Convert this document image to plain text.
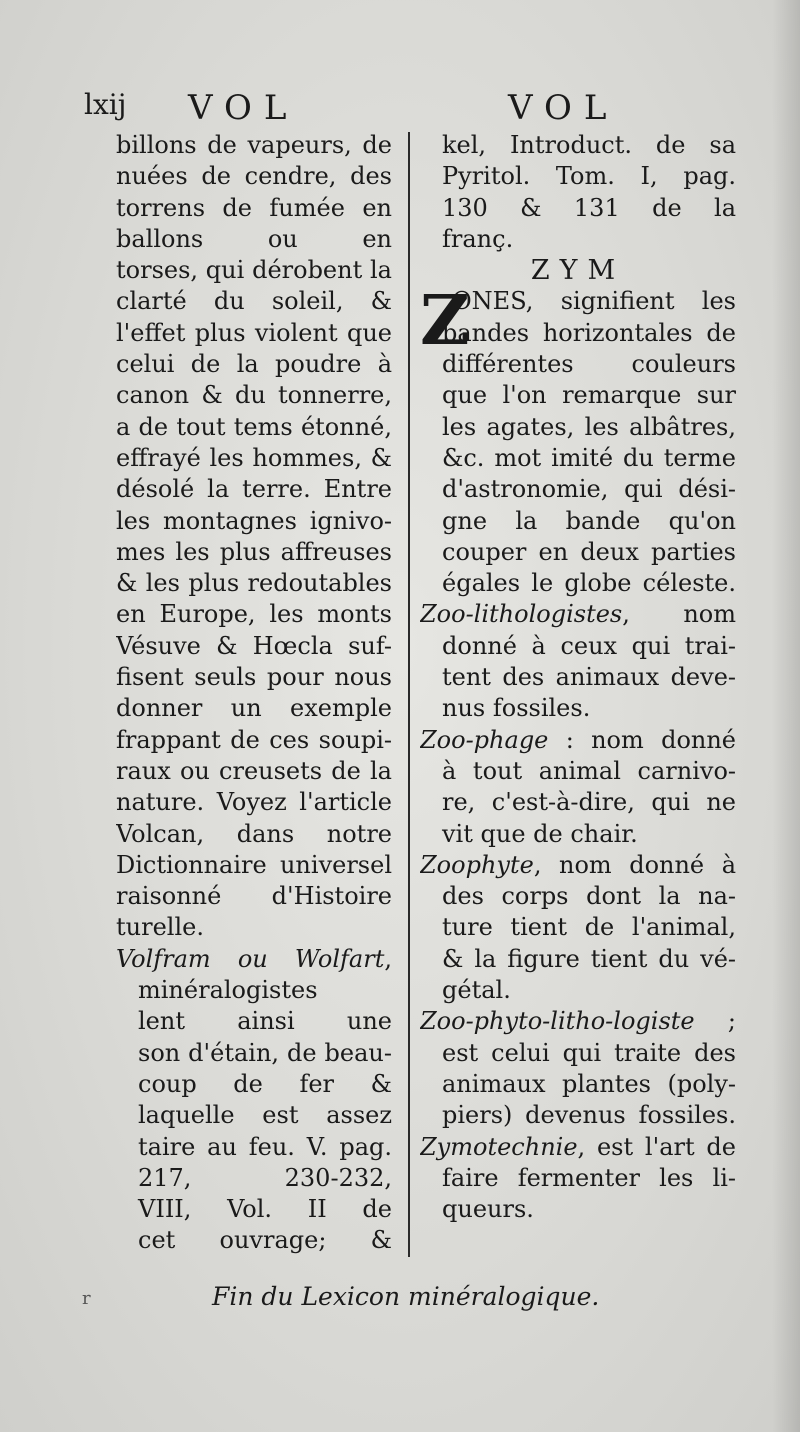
lxij VOL	VOL
billons de vapeurs, de
nuées de cendre, des
torrens de fumée en
ballons ou en
torses, qui dérobent la
clarté du soleil, &
l'effet plus violent que
celui de la poudre à
canon & du tonnerre,
a de tout tems étonné,
effrayé les hommes, &
désolé la terre. Entre
les montagnes ignivo-
mes les plus affreuses
& les plus redoutables
en Europe, les monts
Vésuve & Hœcla suf-
fisent seuls pour nous
donner un exemple
frappant de ces soupi-
raux ou creusets de la
nature. Voyez l'article
Volcan, dans notre
Dictionnaire universel
raisonné d'Histoire
turelle.
Volfram ou Wolfart,
minéralogistes
lent ainsi une
son d'étain, de beau-
coup de fer &
laquelle est assez
taire au feu. V. pag.
217, 230-232,
VIII, Vol. II de
cet ouvrage; &
kel, Introduct. de sa
Pyritol. Tom. I, pag.
130 & 131 de la
franç.
ZYM
Z
ONES, signifient les
bandes horizontales de
différentes couleurs
que l'on remarque sur
les agates, les albâtres,
&c. mot imité du terme
d'astronomie, qui dési-
gne la bande qu'on
couper en deux parties
égales le globe céleste.
Zoo-lithologistes, nom
donné à ceux qui trai-
tent des animaux deve-
nus fossiles.
Zoo-phage : nom donné
à tout animal carnivo-
re, c'est-à-dire, qui ne
vit que de chair.
Zoophyte, nom donné à
des corps dont la na-
ture tient de l'animal,
& la figure tient du vé-
gétal.
Zoo-phyto-litho-logiste ;
est celui qui traite des
animaux plantes (poly-
piers) devenus fossiles.
Zymotechnie, est l'art de
faire fermenter les li-
queurs.
r	Fin du Lexicon minéralogique.
